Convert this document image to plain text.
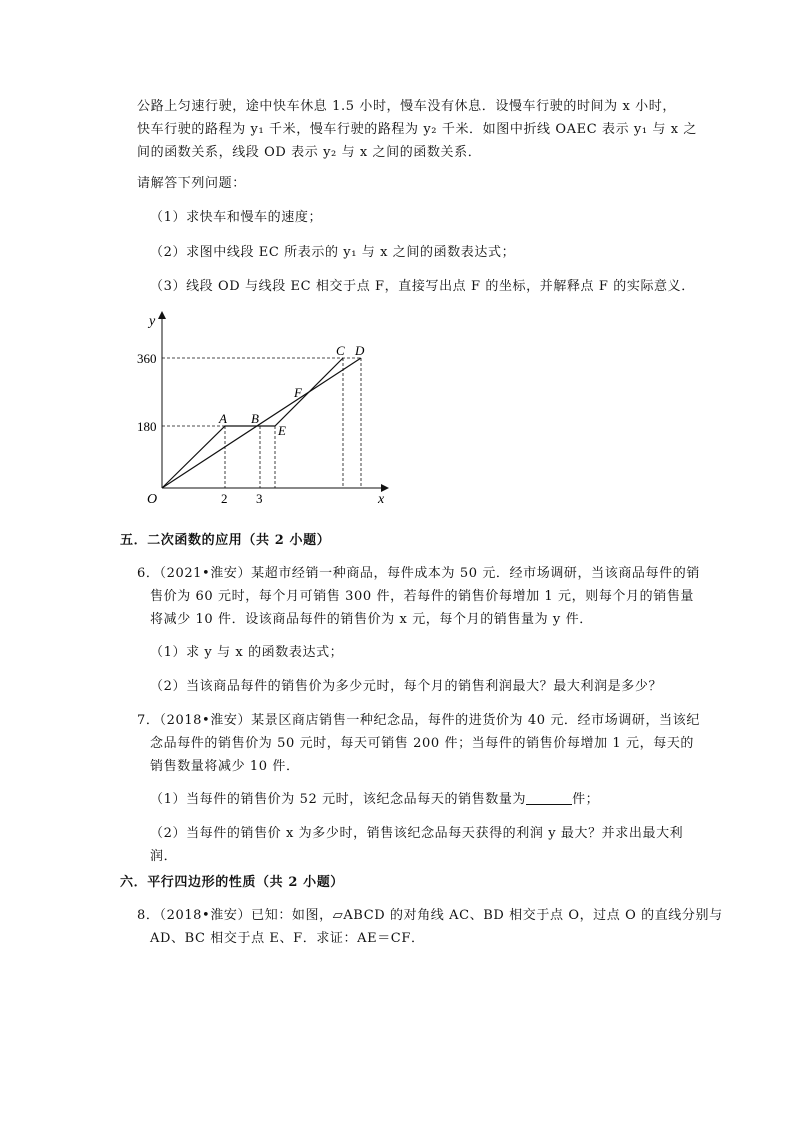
公路上匀速行驶，途中快车休息 1.5 小时，慢车没有休息．设慢车行驶的时间为 x 小时，
快车行驶的路程为 y₁ 千米，慢车行驶的路程为 y₂ 千米．如图中折线 OAEC 表示 y₁ 与 x 之
间的函数关系，线段 OD 表示 y₂ 与 x 之间的函数关系．
请解答下列问题：
（1）求快车和慢车的速度；
（2）求图中线段 EC 所表示的 y₁ 与 x 之间的函数表达式；
（3）线段 OD 与线段 EC 相交于点 F，直接写出点 F 的坐标，并解释点 F 的实际意义．
y
x
O
360
180
2 3
A B
E
F
C D
五．二次函数的应用（共 2 小题）
6．（2021•淮安）某超市经销一种商品，每件成本为 50 元．经市场调研，当该商品每件的销
售价为 60 元时，每个月可销售 300 件，若每件的销售价每增加 1 元，则每个月的销售量
将减少 10 件．设该商品每件的销售价为 x 元，每个月的销售量为 y 件．
（1）求 y 与 x 的函数表达式；
（2）当该商品每件的销售价为多少元时，每个月的销售利润最大？最大利润是多少？
7．（2018•淮安）某景区商店销售一种纪念品，每件的进货价为 40 元．经市场调研，当该纪
念品每件的销售价为 50 元时，每天可销售 200 件；当每件的销售价每增加 1 元，每天的
销售数量将减少 10 件．
（1）当每件的销售价为 52 元时，该纪念品每天的销售数量为	件；
（2）当每件的销售价 x 为多少时，销售该纪念品每天获得的利润 y 最大？并求出最大利
润．
六．平行四边形的性质（共 2 小题）
8．（2018•淮安）已知：如图，▱ABCD 的对角线 AC、BD 相交于点 O，过点 O 的直线分别与
AD、BC 相交于点 E、F．求证：AE＝CF．
